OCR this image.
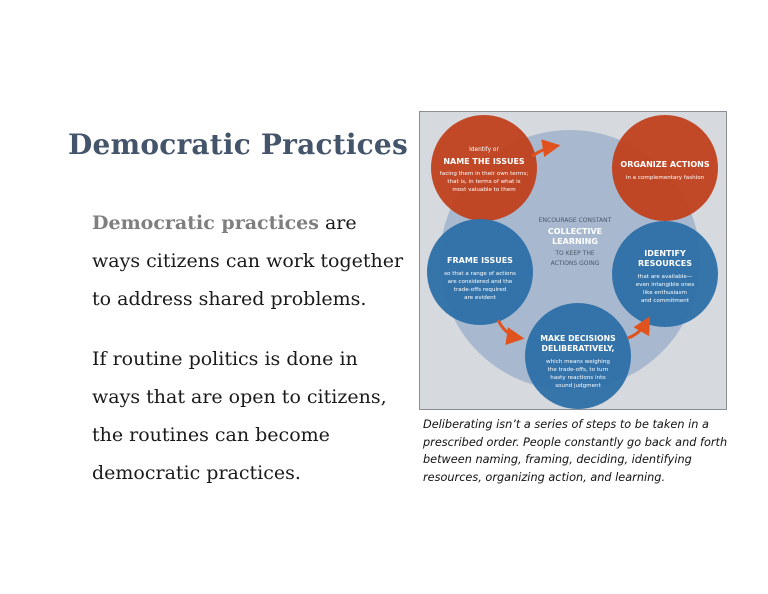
Democratic Practices
Democratic practices are ways citizens can work together to address shared problems.
If routine politics is done in ways that are open to citizens, the routines can become democratic practices.
ENCOURAGE CONSTANT
COLLECTIVE
LEARNING
TO KEEP THE
ACTIONS GOING
Identify or
NAME THE ISSUES
facing them in their own terms;
that is, in terms of what is
most valuable to them
ORGANIZE ACTIONS
in a complementary fashion
FRAME ISSUES
so that a range of actions
are considered and the
trade-offs required
are evident
IDENTIFY
RESOURCES
that are available—
even intangible ones
like enthusiasm
and commitment
MAKE DECISIONS
DELIBERATIVELY,
which means weighing
the trade-offs, to turn
hasty reactions into
sound judgment
Deliberating isn’t a series of steps to be taken in a prescribed order. People constantly go back and forth between naming, framing, deciding, identifying resources, organizing action, and learning.
